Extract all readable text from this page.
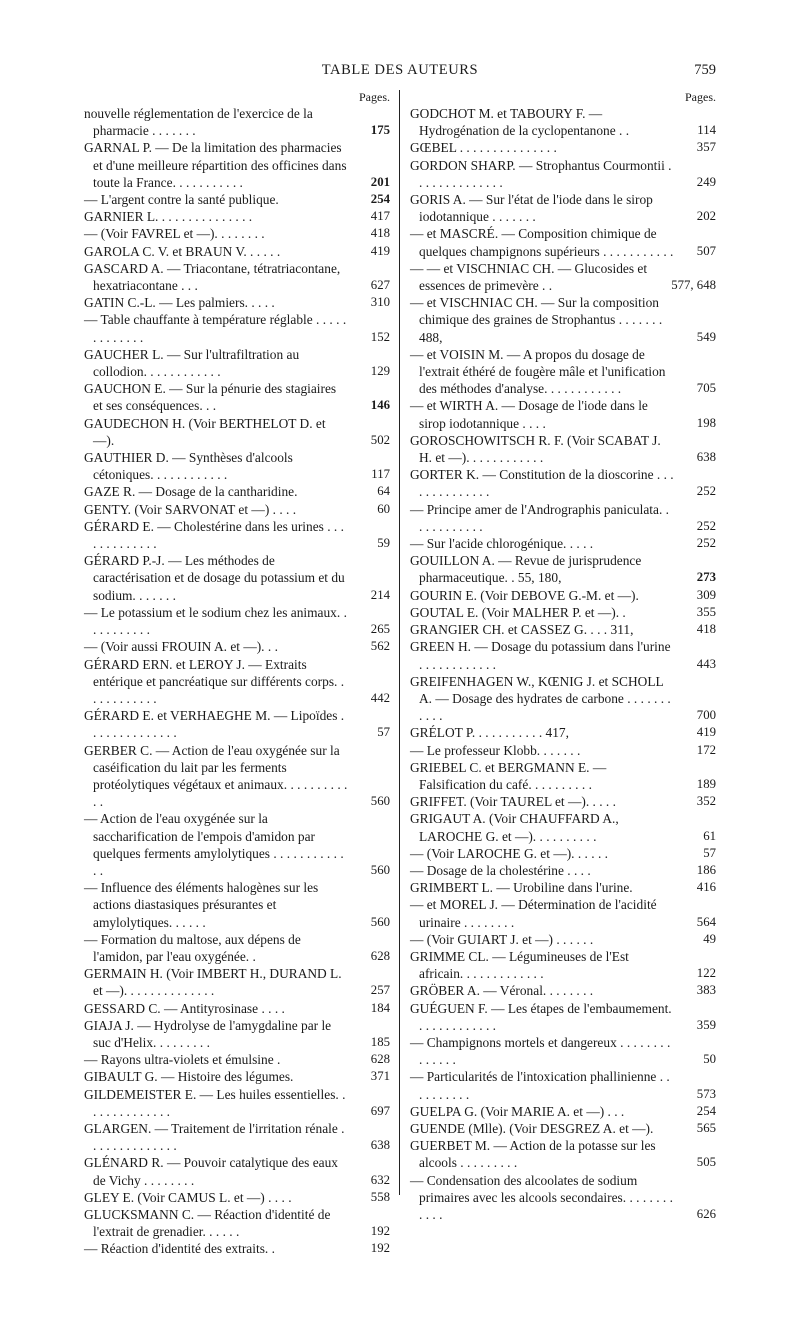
TABLE DES AUTEURS	759
Pages.
nouvelle réglementation de l'exercice de la pharmacie . . . . . . .	175
GARNAL P. — De la limitation des pharmacies et d'une meilleure répartition des officines dans toute la France. . . . . . . . . . .	201
— L'argent contre la santé publique.	254
GARNIER L. . . . . . . . . . . . . . .	417
— (Voir FAVREL et —). . . . . . . .	418
GAROLA C. V. et BRAUN V. . . . . .	419
GASCARD A. — Triacontane, tétratriacontane, hexatriacontane . . .	627
GATIN C.-L. — Les palmiers. . . . .	310
— Table chauffante à température réglable . . . . . . . . . . . . .	152
GAUCHER L. — Sur l'ultrafiltration au collodion. . . . . . . . . . . .	129
GAUCHON E. — Sur la pénurie des stagiaires et ses conséquences. . .	146
GAUDECHON H. (Voir BERTHELOT D. et —).	502
GAUTHIER D. — Synthèses d'alcools cétoniques. . . . . . . . . . . .	117
GAZE R. — Dosage de la cantharidine.	64
GENTY. (Voir SARVONAT et —) . . . .	60
GÉRARD E. — Cholestérine dans les urines . . . . . . . . . . . . .	59
GÉRARD P.-J. — Les méthodes de caractérisation et de dosage du potassium et du sodium. . . . . . .	214
— Le potassium et le sodium chez les animaux. . . . . . . . . . .	265
— (Voir aussi FROUIN A. et —). . .	562
GÉRARD ERN. et LEROY J. — Extraits entérique et pancréatique sur différents corps. . . . . . . . . . . .	442
GÉRARD E. et VERHAEGHE M. — Lipoïdes . . . . . . . . . . . . . .	57
GERBER C. — Action de l'eau oxygénée sur la caséification du lait par les ferments protéolytiques végétaux et animaux. . . . . . . . . . . .	560
— Action de l'eau oxygénée sur la saccharification de l'empois d'amidon par quelques ferments amylolytiques . . . . . . . . . . . . .	560
— Influence des éléments halogènes sur les actions diastasiques présurantes et amylolytiques. . . . . .	560
— Formation du maltose, aux dépens de l'amidon, par l'eau oxygénée. .	628
GERMAIN H. (Voir IMBERT H., DURAND L. et —). . . . . . . . . . . . . .	257
GESSARD C. — Antityrosinase . . . .	184
GIAJA J. — Hydrolyse de l'amygdaline par le suc d'Helix. . . . . . . . .	185
— Rayons ultra-violets et émulsine .	628
GIBAULT G. — Histoire des légumes.	371
GILDEMEISTER E. — Les huiles essentielles. . . . . . . . . . . . . .	697
GLARGEN. — Traitement de l'irritation rénale . . . . . . . . . . . . . .	638
GLÉNARD R. — Pouvoir catalytique des eaux de Vichy . . . . . . . .	632
GLEY E. (Voir CAMUS L. et —) . . . .	558
GLUCKSMANN C. — Réaction d'identité de l'extrait de grenadier. . . . . .	192
— Réaction d'identité des extraits. .	192
Pages.
GODCHOT M. et TABOURY F. — Hydrogénation de la cyclopentanone . .	114
GŒBEL . . . . . . . . . . . . . . .	357
GORDON SHARP. — Strophantus Courmontii . . . . . . . . . . . . . .	249
GORIS A. — Sur l'état de l'iode dans le sirop iodotannique . . . . . . .	202
— et MASCRÉ. — Composition chimique de quelques champignons supérieurs . . . . . . . . . . . 507
— — et VISCHNIAC CH. — Glucosides et essences de primevère . .	577, 648
— et VISCHNIAC CH. — Sur la composition chimique des graines de Strophantus . . . . . . . 488,	549
— et VOISIN M. — A propos du dosage de l'extrait éthéré de fougère mâle et l'unification des méthodes d'analyse. . . . . . . . . . . .	705
— et WIRTH A. — Dosage de l'iode dans le sirop iodotannique . . . .	198
GOROSCHOWITSCH R. F. (Voir SCABAT J. H. et —). . . . . . . . . . . .	638
GORTER K. — Constitution de la dioscorine . . . . . . . . . . . . . .	252
— Principe amer de l'Andrographis paniculata. . . . . . . . . . . .	252
— Sur l'acide chlorogénique. . . . .	252
GOUILLON A. — Revue de jurisprudence pharmaceutique. . 55, 180,	273
GOURIN E. (Voir DEBOVE G.-M. et —).	309
GOUTAL E. (Voir MALHER P. et —). .	355
GRANGIER CH. et CASSEZ G. . . . 311,	418
GREEN H. — Dosage du potassium dans l'urine . . . . . . . . . . . .	443
GREIFENHAGEN W., KŒNIG J. et SCHOLL A. — Dosage des hydrates de carbone . . . . . . . . . . .	700
GRÉLOT P. . . . . . . . . . . 417,	419
— Le professeur Klobb. . . . . . .	172
GRIEBEL C. et BERGMANN E. — Falsification du café. . . . . . . . . .	189
GRIFFET. (Voir TAUREL et —). . . . .	352
GRIGAUT A. (Voir CHAUFFARD A., LAROCHE G. et —). . . . . . . . . .	61
— (Voir LAROCHE G. et —). . . . . .	57
— Dosage de la cholestérine . . . .	186
GRIMBERT L. — Urobiline dans l'urine.	416
— et MOREL J. — Détermination de l'acidité urinaire . . . . . . . .	564
— (Voir GUIART J. et —) . . . . . .	49
GRIMME CL. — Légumineuses de l'Est africain. . . . . . . . . . . . .	122
GRÖBER A. — Véronal. . . . . . . .	383
GUÉGUEN F. — Les étapes de l'embaumement. . . . . . . . . . . . .	359
— Champignons mortels et dangereux . . . . . . . . . . . . . .	50
— Particularités de l'intoxication phallinienne . . . . . . . . . .	573
GUELPA G. (Voir MARIE A. et —) . . .	254
GUENDE (Mlle). (Voir DESGREZ A. et —).	565
GUERBET M. — Action de la potasse sur les alcools . . . . . . . . .	505
— Condensation des alcoolates de sodium primaires avec les alcools secondaires. . . . . . . . . . . .	626
